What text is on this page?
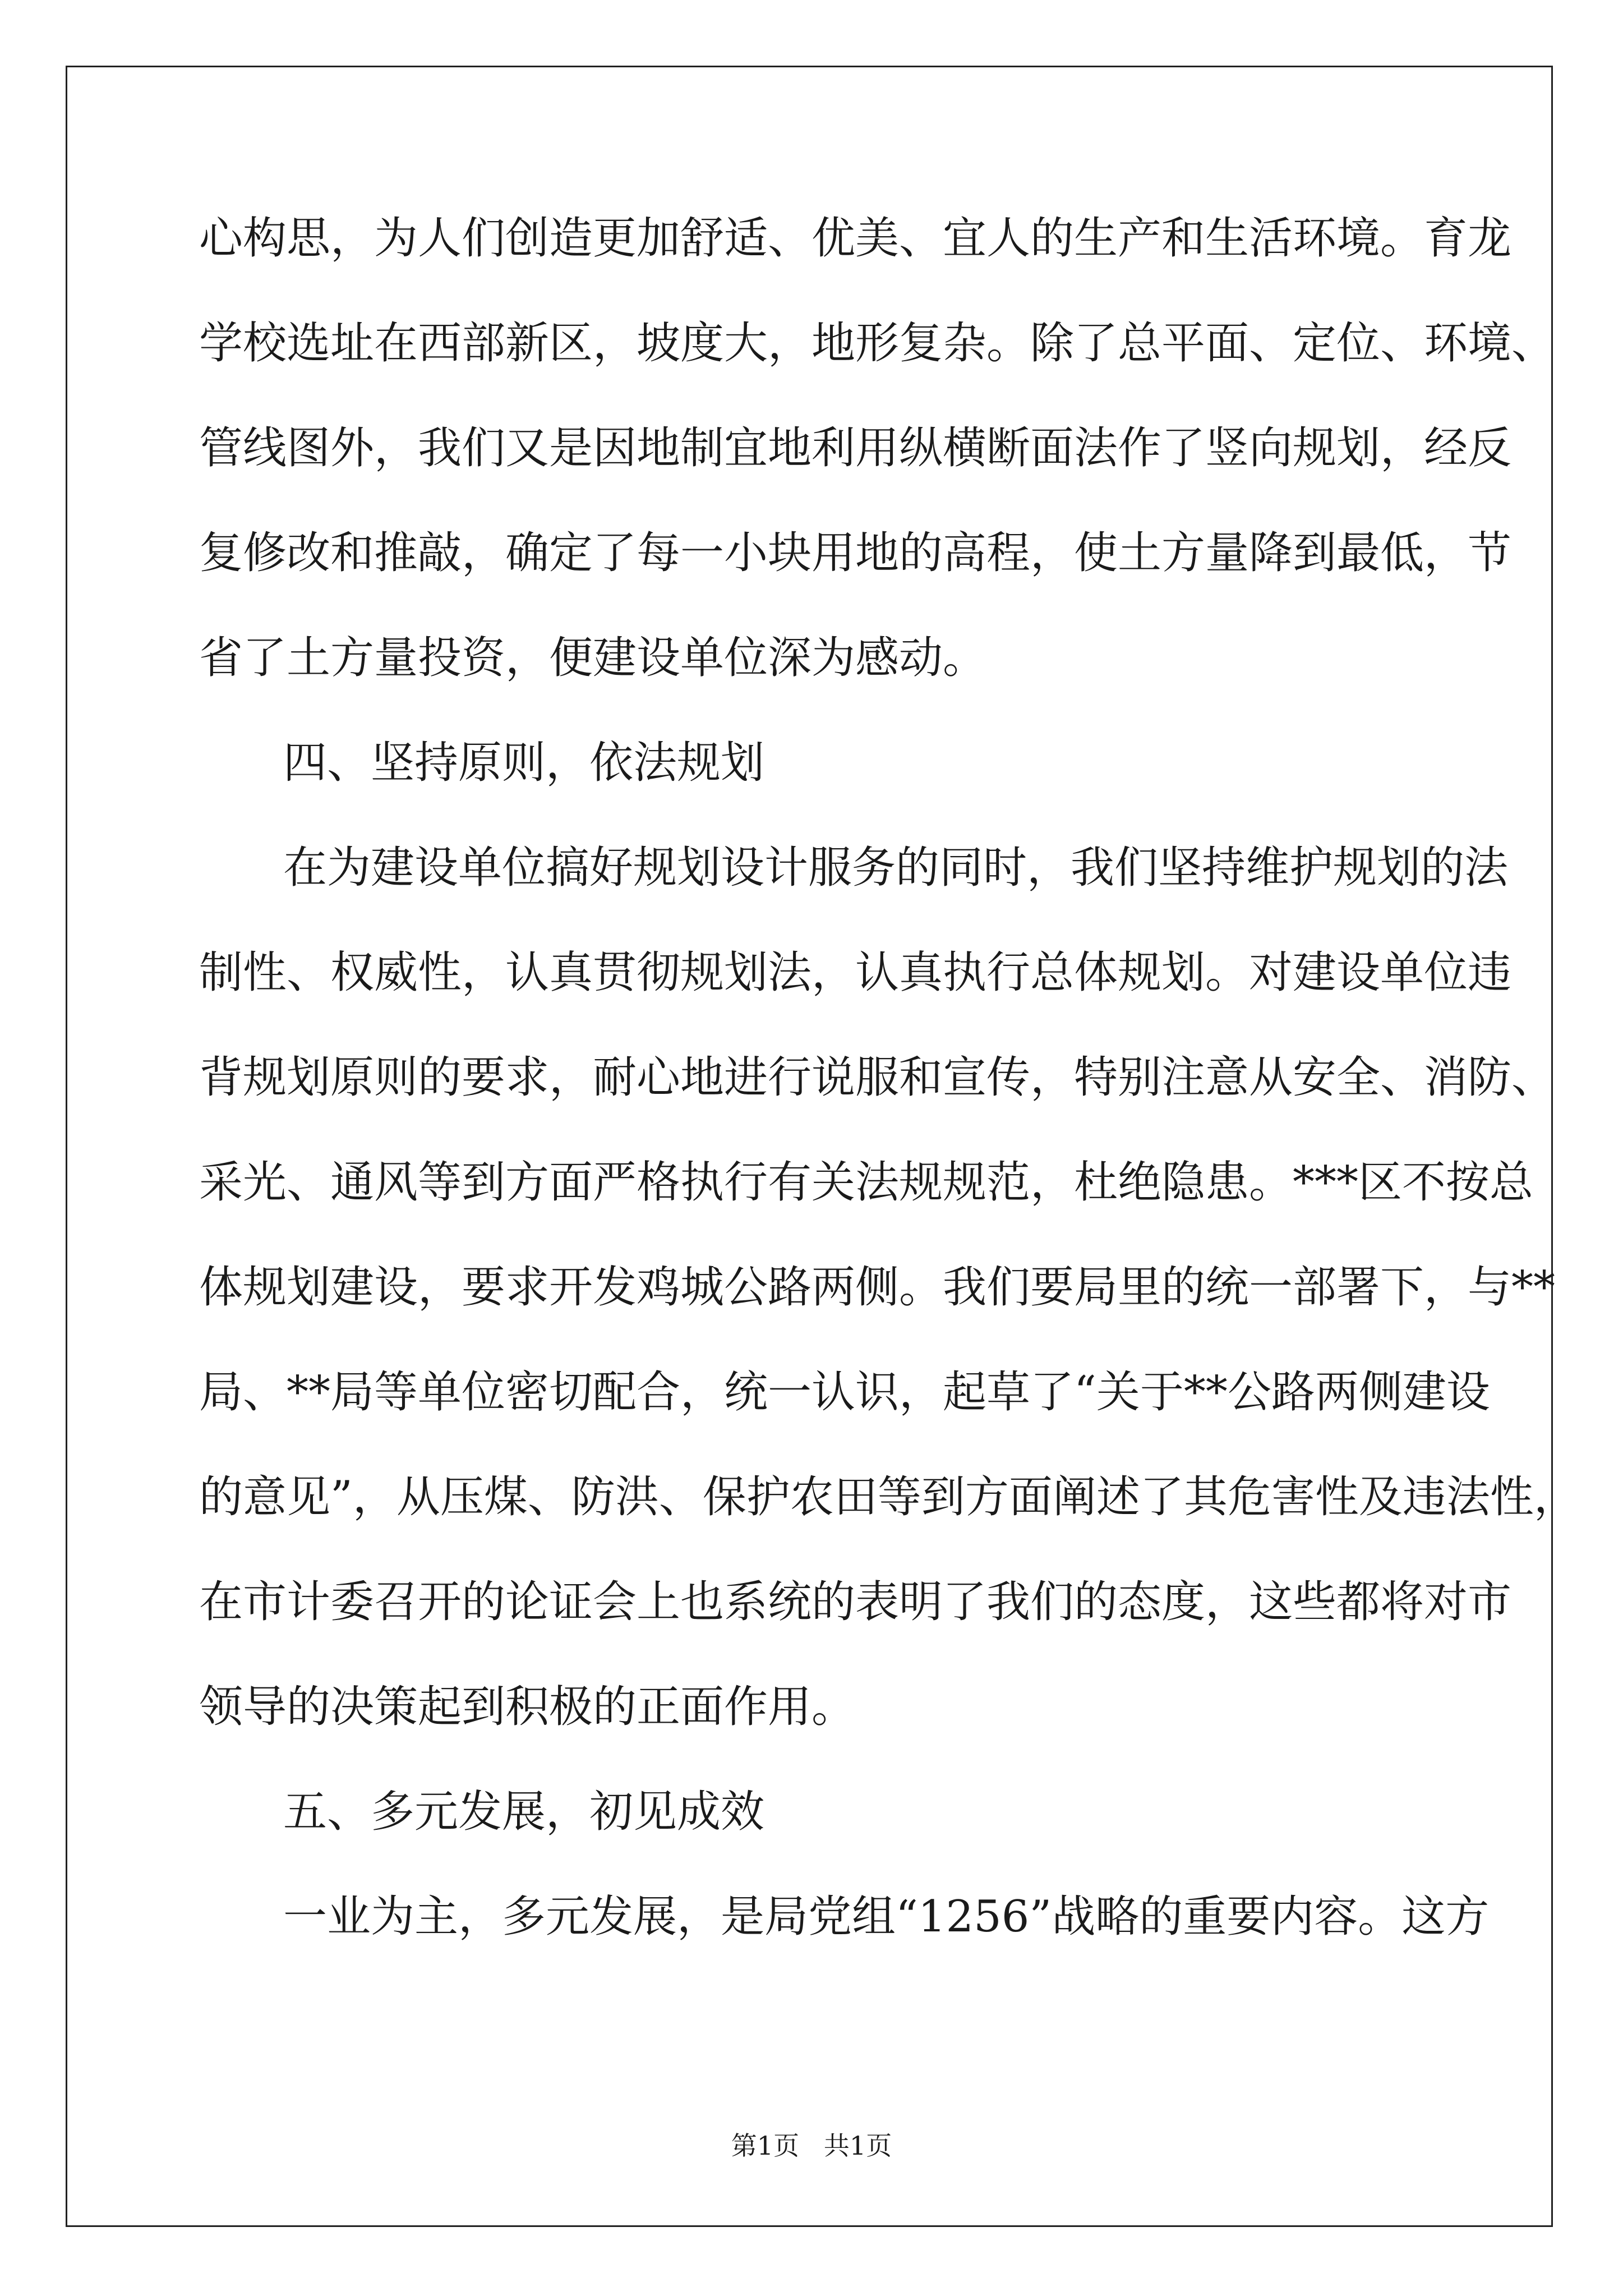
心构思，为人们创造更加舒适、优美、宜人的生产和生活环境。育龙
学校选址在西部新区，坡度大，地形复杂。除了总平面、定位、环境、
管线图外，我们又是因地制宜地利用纵横断面法作了竖向规划，经反
复修改和推敲，确定了每一小块用地的高程，使土方量降到最低，节
省了土方量投资，便建设单位深为感动。
四、坚持原则，依法规划
在为建设单位搞好规划设计服务的同时，我们坚持维护规划的法
制性、权威性，认真贯彻规划法，认真执行总体规划。对建设单位违
背规划原则的要求，耐心地进行说服和宣传，特别注意从安全、消防、
采光、通风等到方面严格执行有关法规规范，杜绝隐患。***区不按总
体规划建设，要求开发鸡城公路两侧。我们要局里的统一部署下，与**
局、**局等单位密切配合，统一认识，起草了“关于**公路两侧建设
的意见”，从压煤、防洪、保护农田等到方面阐述了其危害性及违法性，
在市计委召开的论证会上也系统的表明了我们的态度，这些都将对市
领导的决策起到积极的正面作用。
五、多元发展，初见成效
一业为主，多元发展，是局党组“1256”战略的重要内容。这方
第1页   共1页
